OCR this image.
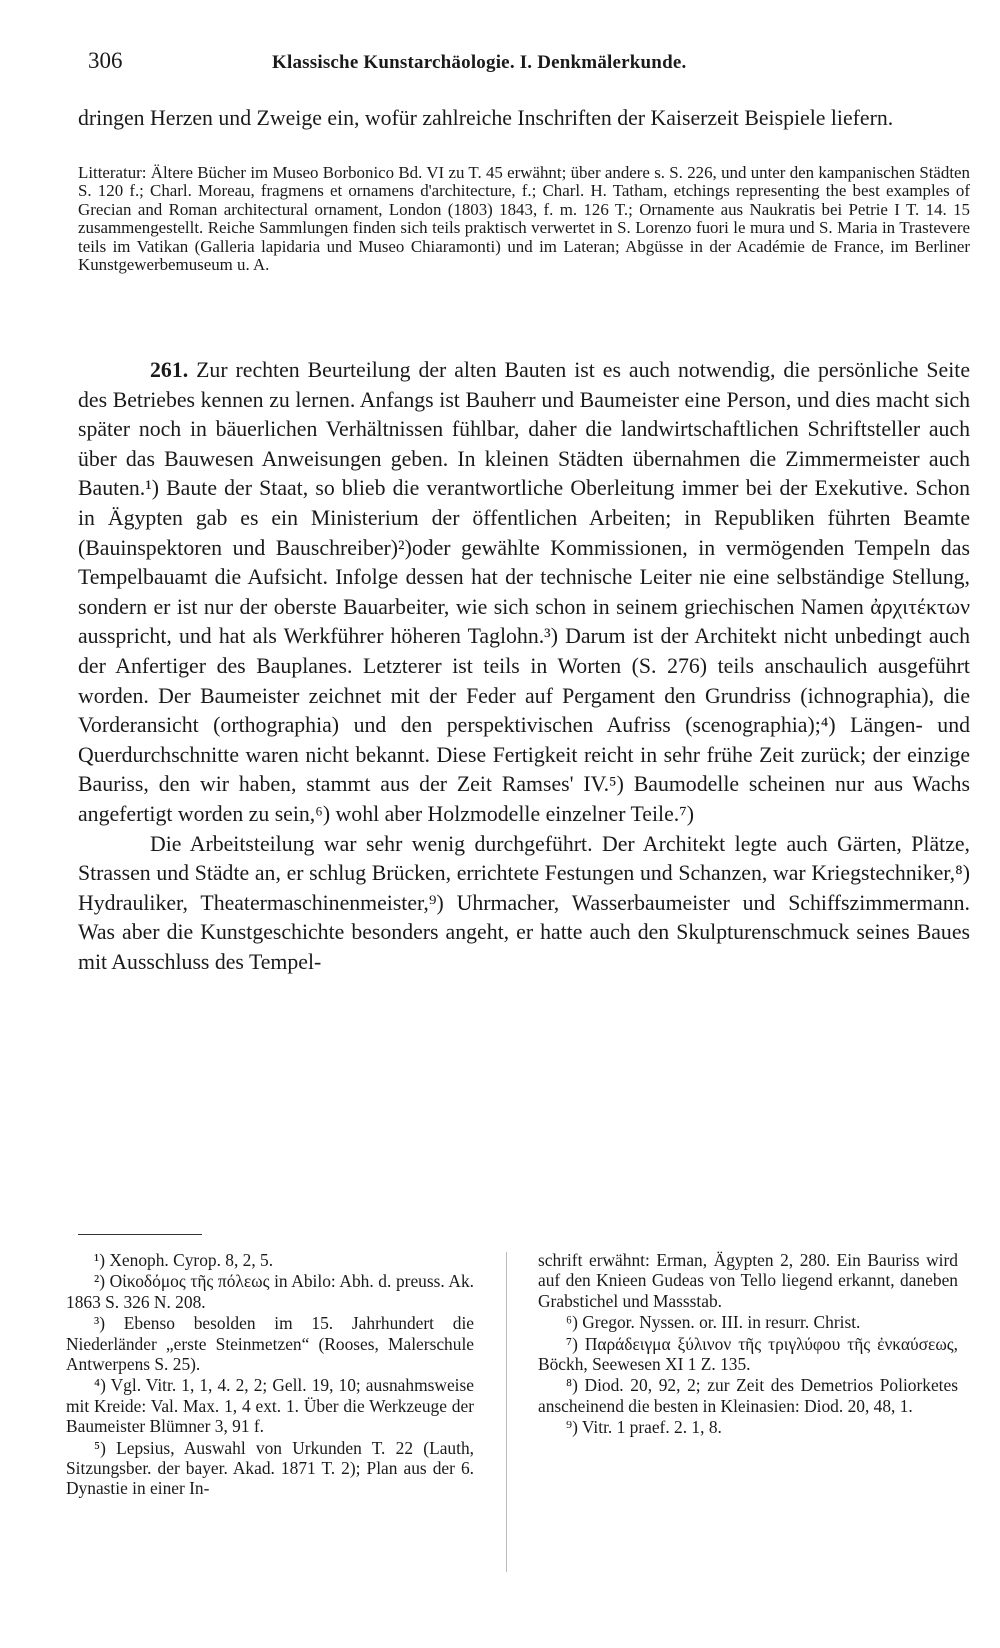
306	Klassische Kunstarchäologie. I. Denkmälerkunde.
dringen Herzen und Zweige ein, wofür zahlreiche Inschriften der Kaiserzeit Beispiele liefern.
Litteratur: Ältere Bücher im Museo Borbonico Bd. VI zu T. 45 erwähnt; über andere s. S. 226, und unter den kampanischen Städten S. 120 f.; Charl. Moreau, fragmens et ornamens d'architecture, f.; Charl. H. Tatham, etchings representing the best examples of Grecian and Roman architectural ornament, London (1803) 1843, f. m. 126 T.; Ornamente aus Naukratis bei Petrie I T. 14. 15 zusammengestellt. Reiche Sammlungen finden sich teils praktisch verwertet in S. Lorenzo fuori le mura und S. Maria in Trastevere teils im Vatikan (Galleria lapidaria und Museo Chiaramonti) und im Lateran; Abgüsse in der Académie de France, im Berliner Kunstgewerbemuseum u. A.

261. Zur rechten Beurteilung der alten Bauten ist es auch notwendig, die persönliche Seite des Betriebes kennen zu lernen. Anfangs ist Bauherr und Baumeister eine Person, und dies macht sich später noch in bäuerlichen Verhältnissen fühlbar, daher die landwirtschaftlichen Schriftsteller auch über das Bauwesen Anweisungen geben. In kleinen Städten übernahmen die Zimmermeister auch Bauten.¹) Baute der Staat, so blieb die verantwortliche Oberleitung immer bei der Exekutive. Schon in Ägypten gab es ein Ministerium der öffentlichen Arbeiten; in Republiken führten Beamte (Bauinspektoren und Bauschreiber)²)oder gewählte Kommissionen, in vermögenden Tempeln das Tempelbauamt die Aufsicht. Infolge dessen hat der technische Leiter nie eine selbständige Stellung, sondern er ist nur der oberste Bauarbeiter, wie sich schon in seinem griechischen Namen ἀρχιτέκτων ausspricht, und hat als Werkführer höheren Taglohn.³) Darum ist der Architekt nicht unbedingt auch der Anfertiger des Bauplanes. Letzterer ist teils in Worten (S. 276) teils anschaulich ausgeführt worden. Der Baumeister zeichnet mit der Feder auf Pergament den Grundriss (ichnographia), die Vorderansicht (orthographia) und den perspektivischen Aufriss (scenographia);⁴) Längen- und Querdurchschnitte waren nicht bekannt. Diese Fertigkeit reicht in sehr frühe Zeit zurück; der einzige Bauriss, den wir haben, stammt aus der Zeit Ramses' IV.⁵) Baumodelle scheinen nur aus Wachs angefertigt worden zu sein,⁶) wohl aber Holzmodelle einzelner Teile.⁷)

Die Arbeitsteilung war sehr wenig durchgeführt. Der Architekt legte auch Gärten, Plätze, Strassen und Städte an, er schlug Brücken, errichtete Festungen und Schanzen, war Kriegstechniker,⁸) Hydrauliker, Theatermaschinenmeister,⁹) Uhrmacher, Wasserbaumeister und Schiffszimmermann. Was aber die Kunstgeschichte besonders angeht, er hatte auch den Skulpturenschmuck seines Baues mit Ausschluss des Tempel-

¹) Xenoph. Cyrop. 8, 2, 5.

²) Οἰκοδόμος τῆς πόλεως in Abilo: Abh. d. preuss. Ak. 1863 S. 326 N. 208.

³) Ebenso besolden im 15. Jahrhundert die Niederländer „erste Steinmetzen“ (Rooses, Malerschule Antwerpens S. 25).

⁴) Vgl. Vitr. 1, 1, 4. 2, 2; Gell. 19, 10; ausnahmsweise mit Kreide: Val. Max. 1, 4 ext. 1. Über die Werkzeuge der Baumeister Blümner 3, 91 f.

⁵) Lepsius, Auswahl von Urkunden T. 22 (Lauth, Sitzungsber. der bayer. Akad. 1871 T. 2); Plan aus der 6. Dynastie in einer In-

schrift erwähnt: Erman, Ägypten 2, 280. Ein Bauriss wird auf den Knieen Gudeas von Tello liegend erkannt, daneben Grabstichel und Massstab.

⁶) Gregor. Nyssen. or. III. in resurr. Christ.

⁷) Παράδειγμα ξύλινον τῆς τριγλύφου τῆς ἐνκαύσεως, Böckh, Seewesen XI 1 Z. 135.

⁸) Diod. 20, 92, 2; zur Zeit des Demetrios Poliorketes anscheinend die besten in Kleinasien: Diod. 20, 48, 1.

⁹) Vitr. 1 praef. 2. 1, 8.
